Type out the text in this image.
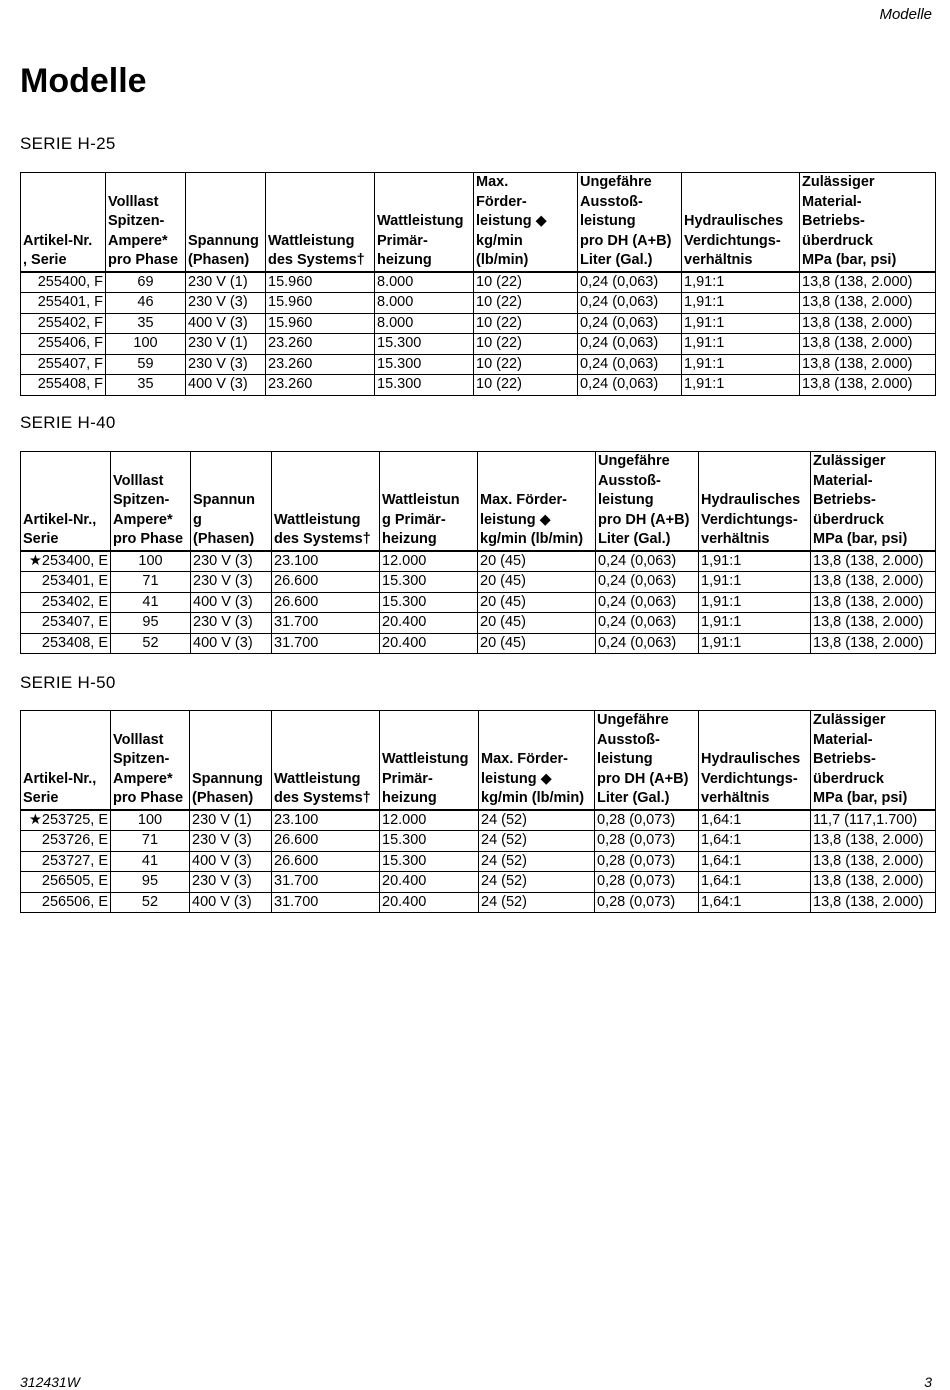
Modelle
Modelle
SERIE H-25
Artikel-Nr.
, Serie	Volllast
Spitzen-
Ampere*
pro Phase	Spannung
(Phasen)	Wattleistung
des Systems†	Wattleistung
Primär-
heizung	Max.
Förder-
leistung ◆
kg/min
(lb/min)	Ungefähre
Ausstoß-
leistung
pro DH (A+B)
Liter (Gal.)	Hydraulisches
Verdichtungs-
verhältnis	Zulässiger
Material-
Betriebs-
überdruck
MPa (bar, psi)
255400, F	69	230 V (1)	15.960	8.000	10 (22)	0,24 (0,063)	1,91:1	13,8 (138, 2.000)
255401, F	46	230 V (3)	15.960	8.000	10 (22)	0,24 (0,063)	1,91:1	13,8 (138, 2.000)
255402, F	35	400 V (3)	15.960	8.000	10 (22)	0,24 (0,063)	1,91:1	13,8 (138, 2.000)
255406, F	100	230 V (1)	23.260	15.300	10 (22)	0,24 (0,063)	1,91:1	13,8 (138, 2.000)
255407, F	59	230 V (3)	23.260	15.300	10 (22)	0,24 (0,063)	1,91:1	13,8 (138, 2.000)
255408, F	35	400 V (3)	23.260	15.300	10 (22)	0,24 (0,063)	1,91:1	13,8 (138, 2.000)
SERIE H-40
Artikel-Nr.,
Serie	Volllast
Spitzen-
Ampere*
pro Phase	Spannun
g
(Phasen)	Wattleistung
des Systems†	Wattleistun
g Primär-
heizung	Max. Förder-
leistung ◆
kg/min (lb/min)	Ungefähre
Ausstoß-
leistung
pro DH (A+B)
Liter (Gal.)	Hydraulisches
Verdichtungs-
verhältnis	Zulässiger
Material-
Betriebs-
überdruck
MPa (bar, psi)
★253400, E	100	230 V (3)	23.100	12.000	20 (45)	0,24 (0,063)	1,91:1	13,8 (138, 2.000)
253401, E	71	230 V (3)	26.600	15.300	20 (45)	0,24 (0,063)	1,91:1	13,8 (138, 2.000)
253402, E	41	400 V (3)	26.600	15.300	20 (45)	0,24 (0,063)	1,91:1	13,8 (138, 2.000)
253407, E	95	230 V (3)	31.700	20.400	20 (45)	0,24 (0,063)	1,91:1	13,8 (138, 2.000)
253408, E	52	400 V (3)	31.700	20.400	20 (45)	0,24 (0,063)	1,91:1	13,8 (138, 2.000)
SERIE H-50
Artikel-Nr.,
Serie	Volllast
Spitzen-
Ampere*
pro Phase	Spannung
(Phasen)	Wattleistung
des Systems†	Wattleistung
Primär-
heizung	Max. Förder-
leistung ◆
kg/min (lb/min)	Ungefähre
Ausstoß-
leistung
pro DH (A+B)
Liter (Gal.)	Hydraulisches
Verdichtungs-
verhältnis	Zulässiger
Material-
Betriebs-
überdruck
MPa (bar, psi)
★253725, E	100	230 V (1)	23.100	12.000	24 (52)	0,28 (0,073)	1,64:1	11,7 (117,1.700)
253726, E	71	230 V (3)	26.600	15.300	24 (52)	0,28 (0,073)	1,64:1	13,8 (138, 2.000)
253727, E	41	400 V (3)	26.600	15.300	24 (52)	0,28 (0,073)	1,64:1	13,8 (138, 2.000)
256505, E	95	230 V (3)	31.700	20.400	24 (52)	0,28 (0,073)	1,64:1	13,8 (138, 2.000)
256506, E	52	400 V (3)	31.700	20.400	24 (52)	0,28 (0,073)	1,64:1	13,8 (138, 2.000)
312431W	3
